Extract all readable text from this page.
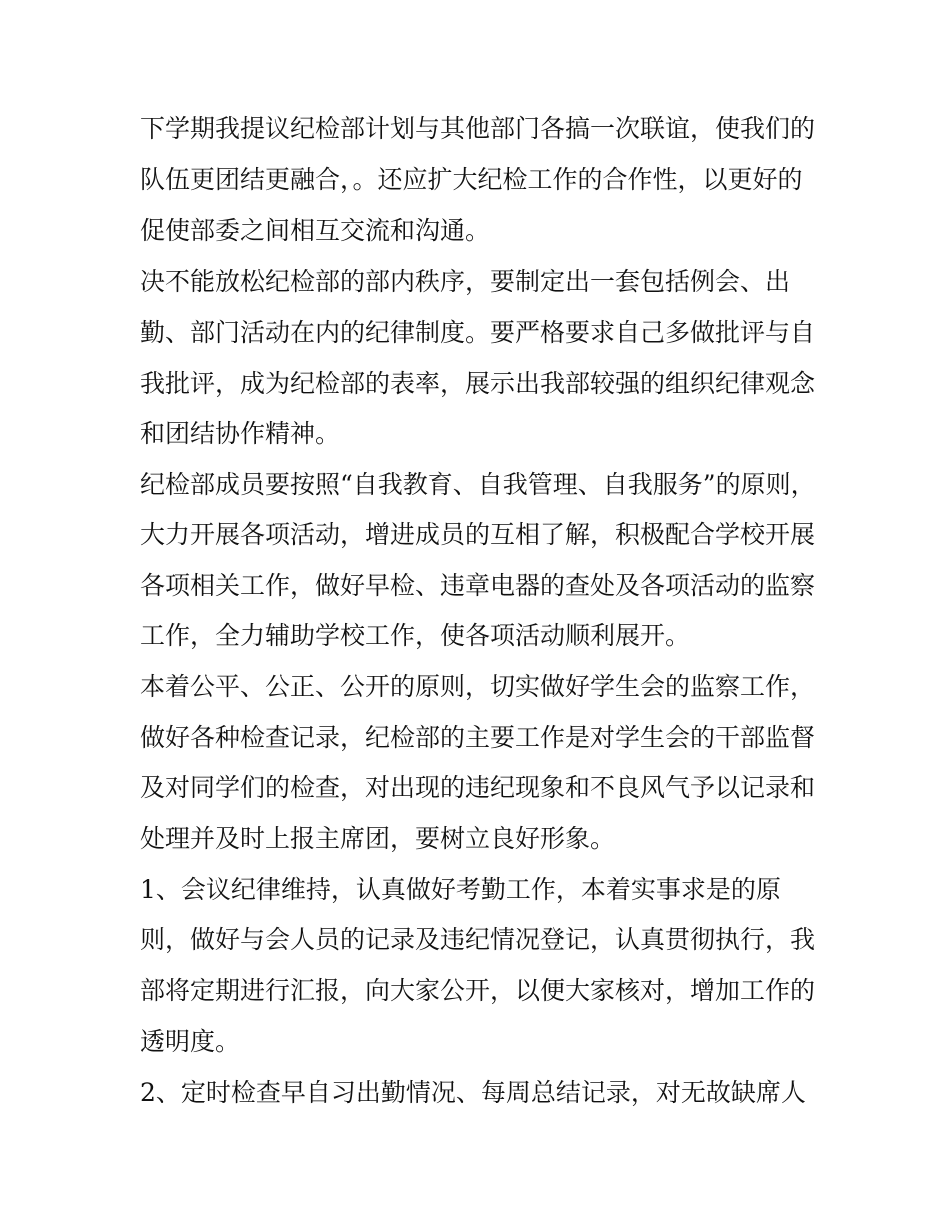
下学期我提议纪检部计划与其他部门各搞一次联谊，使我们的

队伍更团结更融合，。还应扩大纪检工作的合作性，以更好的

促使部委之间相互交流和沟通。

决不能放松纪检部的部内秩序，要制定出一套包括例会、出

勤、部门活动在内的纪律制度。要严格要求自己多做批评与自

我批评，成为纪检部的表率，展示出我部较强的组织纪律观念

和团结协作精神。

纪检部成员要按照“自我教育、自我管理、自我服务”的原则，

大力开展各项活动，增进成员的互相了解，积极配合学校开展

各项相关工作，做好早检、违章电器的查处及各项活动的监察

工作，全力辅助学校工作，使各项活动顺利展开。

本着公平、公正、公开的原则，切实做好学生会的监察工作，

做好各种检查记录，纪检部的主要工作是对学生会的干部监督

及对同学们的检查，对出现的违纪现象和不良风气予以记录和

处理并及时上报主席团，要树立良好形象。

1、会议纪律维持，认真做好考勤工作，本着实事求是的原

则，做好与会人员的记录及违纪情况登记，认真贯彻执行，我

部将定期进行汇报，向大家公开，以便大家核对，增加工作的

透明度。

2、定时检查早自习出勤情况、每周总结记录，对无故缺席人
